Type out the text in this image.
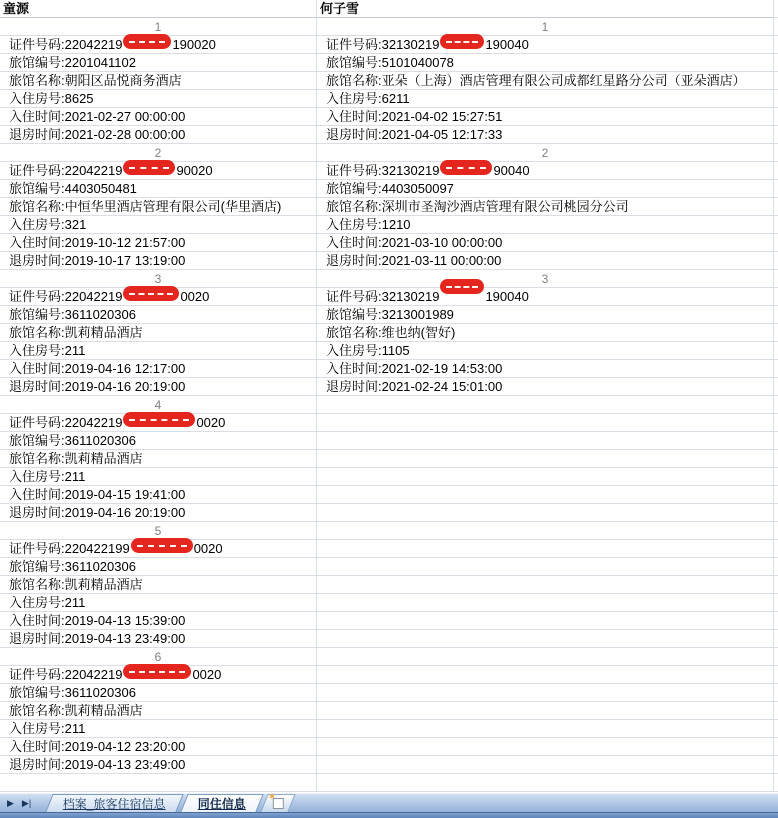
童源
1
证件号码:22042219	190020
旅馆编号:2201041102
旅馆名称:朝阳区品悦商务酒店
入住房号:8625
入住时间:2021-02-27 00:00:00
退房时间:2021-02-28 00:00:00
2
证件号码:22042219	90020
旅馆编号:4403050481
旅馆名称:中恒华里酒店管理有限公司(华里酒店)
入住房号:321
入住时间:2019-10-12 21:57:00
退房时间:2019-10-17 13:19:00
3
证件号码:22042219	0020
旅馆编号:3611020306
旅馆名称:凯莉精品酒店
入住房号:211
入住时间:2019-04-16 12:17:00
退房时间:2019-04-16 20:19:00
4
证件号码:22042219	0020
旅馆编号:3611020306
旅馆名称:凯莉精品酒店
入住房号:211
入住时间:2019-04-15 19:41:00
退房时间:2019-04-16 20:19:00
5
证件号码:220422199	0020
旅馆编号:3611020306
旅馆名称:凯莉精品酒店
入住房号:211
入住时间:2019-04-13 15:39:00
退房时间:2019-04-13 23:49:00
6
证件号码:22042219	0020
旅馆编号:3611020306
旅馆名称:凯莉精品酒店
入住房号:211
入住时间:2019-04-12 23:20:00
退房时间:2019-04-13 23:49:00
何子雪
1
证件号码:32130219	190040
旅馆编号:5101040078
旅馆名称:亚朵（上海）酒店管理有限公司成都红星路分公司（亚朵酒店）
入住房号:6211
入住时间:2021-04-02 15:27:51
退房时间:2021-04-05 12:17:33
2
证件号码:32130219	90040
旅馆编号:4403050097
旅馆名称:深圳市圣淘沙酒店管理有限公司桃园分公司
入住房号:1210
入住时间:2021-03-10 00:00:00
退房时间:2021-03-11 00:00:00
3
证件号码:32130219	190040
旅馆编号:3213001989
旅馆名称:维也纳(智好)
入住房号:1105
入住时间:2021-02-19 14:53:00
退房时间:2021-02-24 15:01:00
▶ ▶|	档案_旅客住宿信息	同住信息 ✶
